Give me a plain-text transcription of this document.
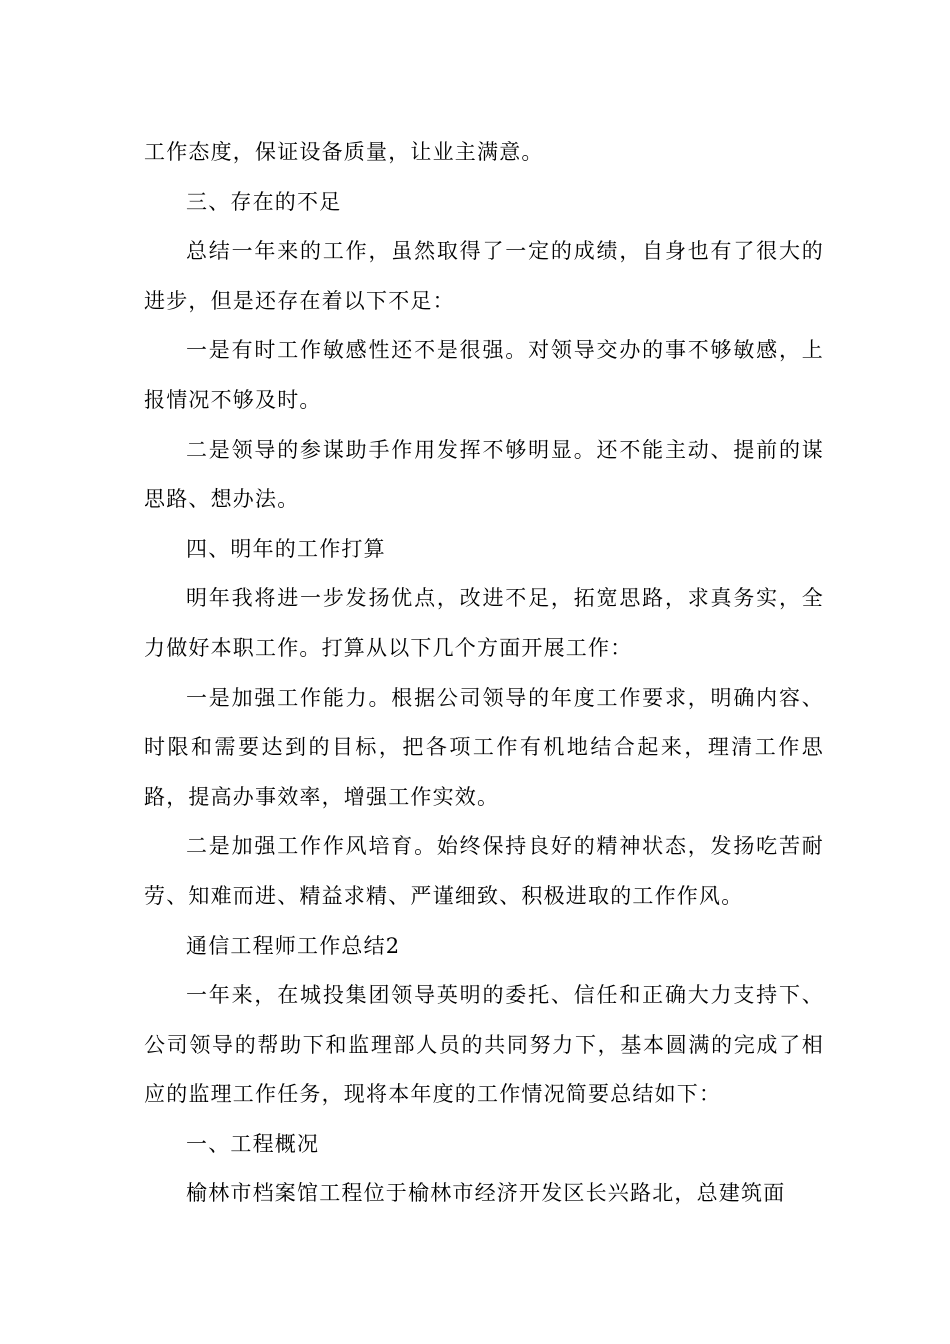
工作态度，保证设备质量，让业主满意。

三、存在的不足

总结一年来的工作，虽然取得了一定的成绩，自身也有了很大的进步，但是还存在着以下不足：

一是有时工作敏感性还不是很强。对领导交办的事不够敏感，上报情况不够及时。

二是领导的参谋助手作用发挥不够明显。还不能主动、提前的谋思路、想办法。

四、明年的工作打算

明年我将进一步发扬优点，改进不足，拓宽思路，求真务实，全力做好本职工作。打算从以下几个方面开展工作：

一是加强工作能力。根据公司领导的年度工作要求，明确内容、时限和需要达到的目标，把各项工作有机地结合起来，理清工作思路，提高办事效率，增强工作实效。

二是加强工作作风培育。始终保持良好的精神状态，发扬吃苦耐劳、知难而进、精益求精、严谨细致、积极进取的工作作风。

通信工程师工作总结2

一年来，在城投集团领导英明的委托、信任和正确大力支持下、公司领导的帮助下和监理部人员的共同努力下，基本圆满的完成了相应的监理工作任务，现将本年度的工作情况简要总结如下：

一、工程概况

榆林市档案馆工程位于榆林市经济开发区长兴路北，总建筑面
